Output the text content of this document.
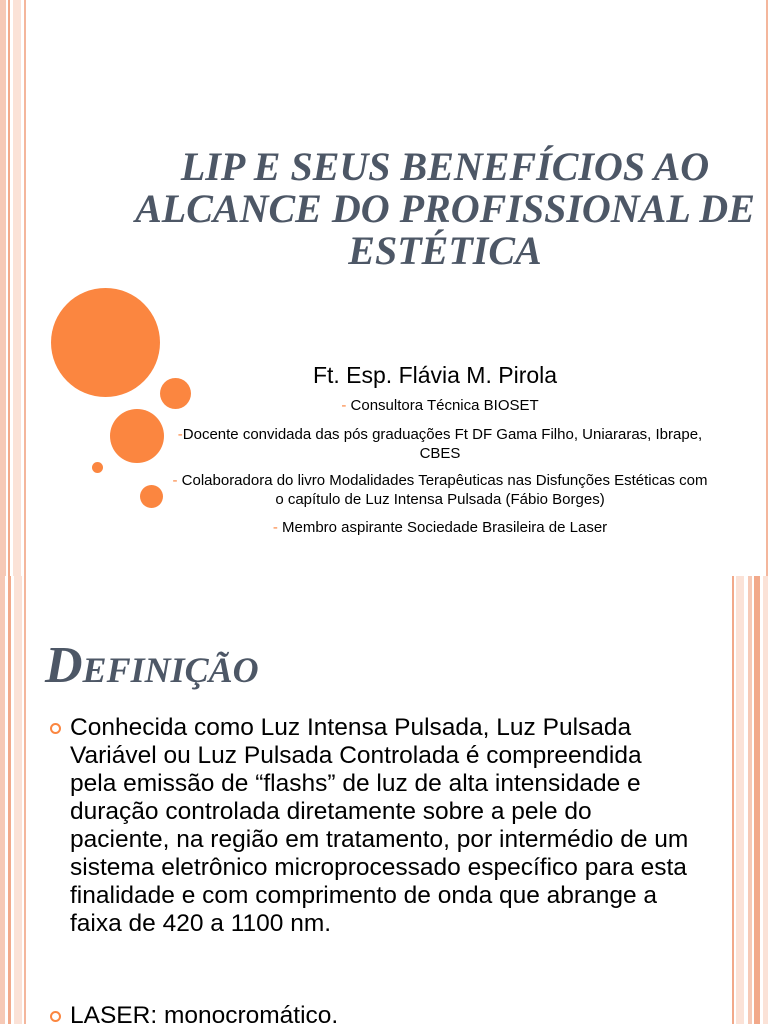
LIP E SEUS BENEFÍCIOS AO ALCANCE DO PROFISSIONAL DE ESTÉTICA
Ft. Esp. Flávia M. Pirola
- Consultora Técnica BIOSET
-Docente convidada das pós graduações Ft DF Gama Filho, Uniararas, Ibrape, CBES
- Colaboradora do livro Modalidades Terapêuticas nas Disfunções Estéticas com o capítulo de Luz Intensa Pulsada (Fábio Borges)
- Membro aspirante Sociedade Brasileira de Laser
Definição
Conhecida como Luz Intensa Pulsada, Luz Pulsada Variável ou Luz Pulsada Controlada é compreendida pela emissão de “flashs” de luz de alta intensidade e duração controlada diretamente sobre a pele do paciente, na região em tratamento, por intermédio de um sistema eletrônico microprocessado específico para esta finalidade e com comprimento de onda que abrange a faixa de 420 a 1100 nm.
LASER: monocromático.
